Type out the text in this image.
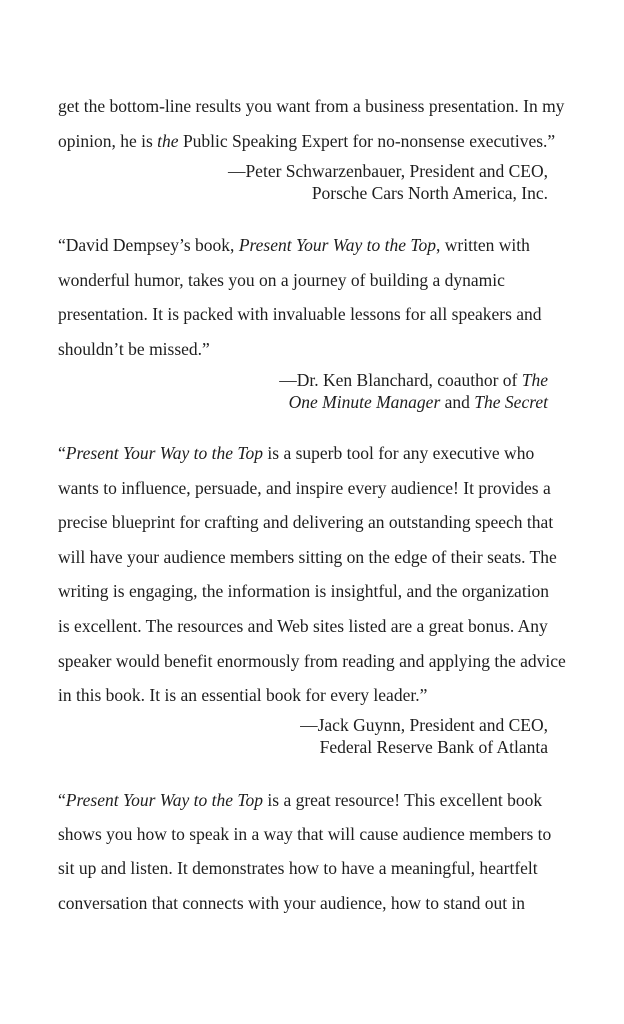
get the bottom-line results you want from a business presentation. In my
opinion, he is the Public Speaking Expert for no-nonsense executives.”
—Peter Schwarzenbauer, President and CEO,
Porsche Cars North America, Inc.
“David Dempsey’s book, Present Your Way to the Top, written with
wonderful humor, takes you on a journey of building a dynamic
presentation. It is packed with invaluable lessons for all speakers and
shouldn’t be missed.”
—Dr. Ken Blanchard, coauthor of The
One Minute Manager and The Secret
“Present Your Way to the Top is a superb tool for any executive who
wants to influence, persuade, and inspire every audience! It provides a
precise blueprint for crafting and delivering an outstanding speech that
will have your audience members sitting on the edge of their seats. The
writing is engaging, the information is insightful, and the organization
is excellent. The resources and Web sites listed are a great bonus. Any
speaker would benefit enormously from reading and applying the advice
in this book. It is an essential book for every leader.”
—Jack Guynn, President and CEO,
Federal Reserve Bank of Atlanta
“Present Your Way to the Top is a great resource! This excellent book
shows you how to speak in a way that will cause audience members to
sit up and listen. It demonstrates how to have a meaningful, heartfelt
conversation that connects with your audience, how to stand out in
